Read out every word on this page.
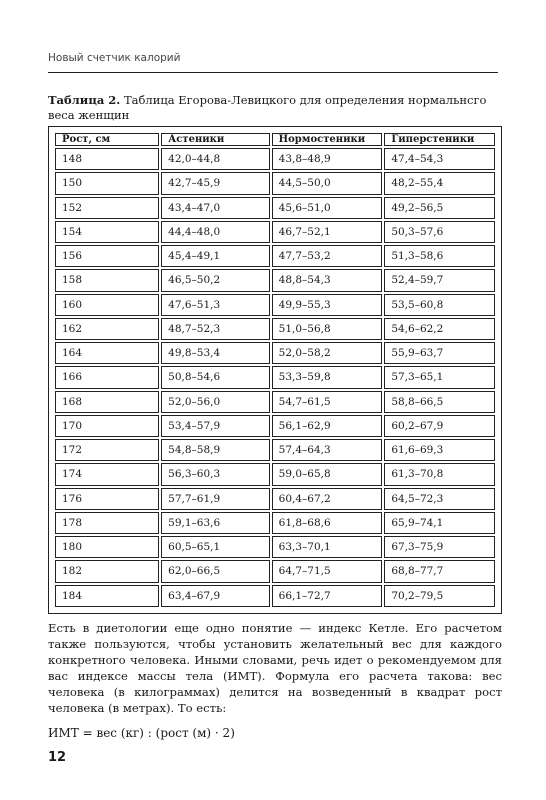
Новый счетчик калорий
Таблица 2. Таблица Егорова-Левицкого для определения нормальнсго веса женщин
Рост, см	Астеники	Нормостеники	Гиперстеники
148	42,0–44,8	43,8–48,9	47,4–54,3
150	42,7–45,9	44,5–50,0	48,2–55,4
152	43,4–47,0	45,6–51,0	49,2–56,5
154	44,4–48,0	46,7–52,1	50,3–57,6
156	45,4–49,1	47,7–53,2	51,3–58,6
158	46,5–50,2	48,8–54,3	52,4–59,7
160	47,6–51,3	49,9–55,3	53,5–60,8
162	48,7–52,3	51,0–56,8	54,6–62,2
164	49,8–53,4	52,0–58,2	55,9–63,7
166	50,8–54,6	53,3–59,8	57,3–65,1
168	52,0–56,0	54,7–61,5	58,8–66,5
170	53,4–57,9	56,1–62,9	60,2–67,9
172	54,8–58,9	57,4–64,3	61,6–69,3
174	56,3–60,3	59,0–65,8	61,3–70,8
176	57,7–61,9	60,4–67,2	64,5–72,3
178	59,1–63,6	61,8–68,6	65,9–74,1
180	60,5–65,1	63,3–70,1	67,3–75,9
182	62,0–66,5	64,7–71,5	68,8–77,7
184	63,4–67,9	66,1–72,7	70,2–79,5

Есть в диетологии еще одно понятие — индекс Кетле. Его расчетом также пользуются, чтобы установить желательный вес для каждого конкретного человека. Иными словами, речь идет о рекомендуемом для вас индексе массы тела (ИМТ). Формула его расчета такова: вес человека (в килограммах) делится на возведенный в квадрат рост человека (в метрах). То есть:

ИМТ = вес (кг) : (рост (м) · 2)
12
